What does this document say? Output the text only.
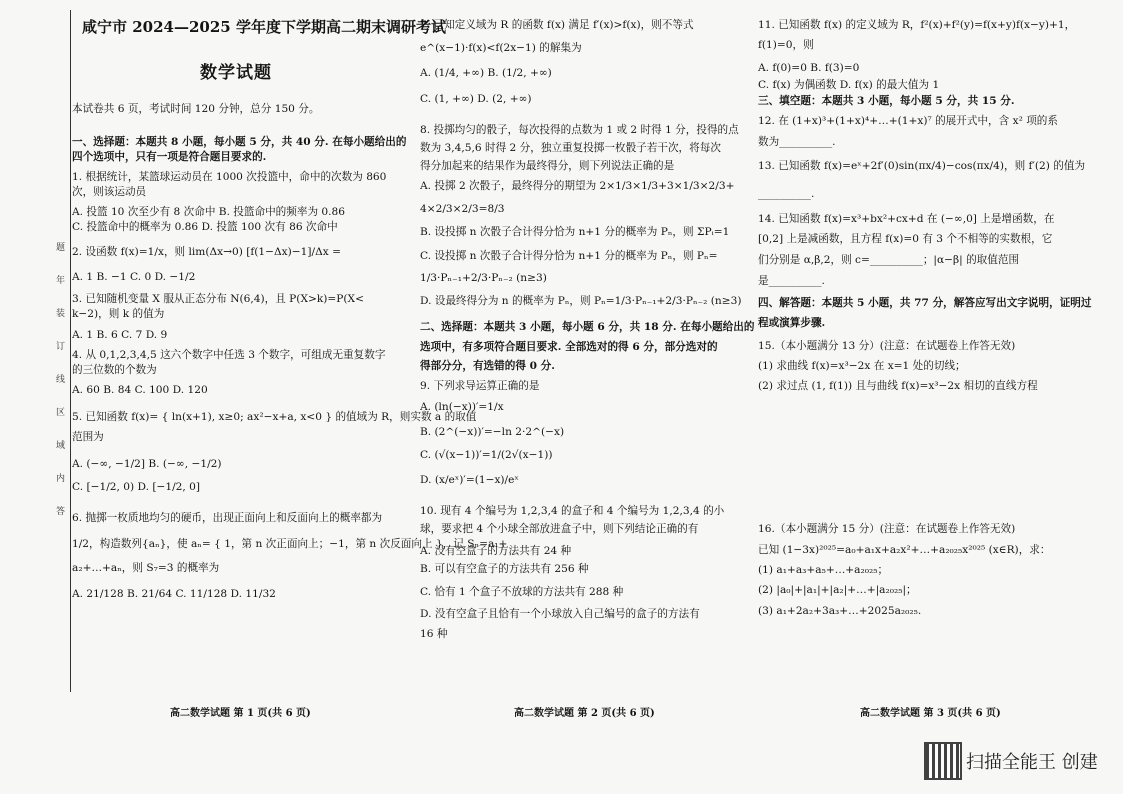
题
年
装
订
线
区
域
内
答
咸宁市 2024—2025 学年度下学期高二期末调研考试
数学试题
本试卷共 6 页，考试时间 120 分钟，总分 150 分。
一、选择题：本题共 8 小题，每小题 5 分，共 40 分. 在每小题给出的
四个选项中，只有一项是符合题目要求的.
1. 根据统计，某篮球运动员在 1000 次投篮中，命中的次数为 860
次，则该运动员
A. 投篮 10 次至少有 8 次命中 B. 投篮命中的频率为 0.86
C. 投篮命中的概率为 0.86 D. 投篮 100 次有 86 次命中
2. 设函数 f(x)=1/x，则 lim(Δx→0) [f(1−Δx)−1]/Δx =
A. 1 B. −1 C. 0 D. −1/2
3. 已知随机变量 X 服从正态分布 N(6,4)，且 P(X>k)=P(X<
k−2)，则 k 的值为
A. 1 B. 6 C. 7 D. 9
4. 从 0,1,2,3,4,5 这六个数字中任选 3 个数字，可组成无重复数字
的三位数的个数为
A. 60 B. 84 C. 100 D. 120
5. 已知函数 f(x)= { ln(x+1), x≥0; ax²−x+a, x<0 } 的值域为 R，则实数 a 的取值
范围为
A. (−∞, −1/2] B. (−∞, −1/2)
C. [−1/2, 0) D. [−1/2, 0]
6. 抛掷一枚质地均匀的硬币，出现正面向上和反面向上的概率都为
1/2，构造数列{aₙ}，使 aₙ= { 1，第 n 次正面向上；−1，第 n 次反面向上 }，记 Sₙ=a₁+
a₂+…+aₙ，则 S₇=3 的概率为
A. 21/128 B. 21/64 C. 11/128 D. 11/32
7. 已知定义域为 R 的函数 f(x) 满足 f′(x)>f(x)，则不等式
e^(x−1)·f(x)<f(2x−1) 的解集为
A. (1/4, +∞) B. (1/2, +∞)
C. (1, +∞) D. (2, +∞)
8. 投掷均匀的骰子，每次投得的点数为 1 或 2 时得 1 分，投得的点
数为 3,4,5,6 时得 2 分，独立重复投掷一枚骰子若干次，将每次
得分加起来的结果作为最终得分，则下列说法正确的是
A. 投掷 2 次骰子，最终得分的期望为 2×1/3×1/3+3×1/3×2/3+
4×2/3×2/3=8/3
B. 设投掷 n 次骰子合计得分恰为 n+1 分的概率为 Pₙ，则 ΣPᵢ=1
C. 设投掷 n 次骰子合计得分恰为 n+1 分的概率为 Pₙ，则 Pₙ=
1/3·Pₙ₋₁+2/3·Pₙ₋₂ (n≥3)
D. 设最终得分为 n 的概率为 Pₙ，则 Pₙ=1/3·Pₙ₋₁+2/3·Pₙ₋₂ (n≥3)
二、选择题：本题共 3 小题，每小题 6 分，共 18 分. 在每小题给出的
选项中，有多项符合题目要求. 全部选对的得 6 分，部分选对的
得部分分，有选错的得 0 分.
9. 下列求导运算正确的是
A. (ln(−x))′=1/x
B. (2^(−x))′=−ln 2·2^(−x)
C. (√(x−1))′=1/(2√(x−1))
D. (x/eˣ)′=(1−x)/eˣ
10. 现有 4 个编号为 1,2,3,4 的盒子和 4 个编号为 1,2,3,4 的小
球，要求把 4 个小球全部放进盒子中，则下列结论正确的有
A. 没有空盒子的方法共有 24 种
B. 可以有空盒子的方法共有 256 种
C. 恰有 1 个盒子不放球的方法共有 288 种
D. 没有空盒子且恰有一个小球放入自己编号的盒子的方法有
16 种
11. 已知函数 f(x) 的定义域为 R，f²(x)+f²(y)=f(x+y)f(x−y)+1，
f(1)=0，则
A. f(0)=0 B. f(3)=0
C. f(x) 为偶函数 D. f(x) 的最大值为 1
三、填空题：本题共 3 小题，每小题 5 分，共 15 分.
12. 在 (1+x)³+(1+x)⁴+…+(1+x)⁷ 的展开式中，含 x² 项的系
数为__________.
13. 已知函数 f(x)=eˣ+2f′(0)sin(πx/4)−cos(πx/4)，则 f′(2) 的值为
__________.
14. 已知函数 f(x)=x³+bx²+cx+d 在 (−∞,0] 上是增函数，在
[0,2] 上是减函数，且方程 f(x)=0 有 3 个不相等的实数根，它
们分别是 α,β,2，则 c=__________；|α−β| 的取值范围
是__________.
四、解答题：本题共 5 小题，共 77 分，解答应写出文字说明，证明过
程或演算步骤.
15.（本小题满分 13 分）(注意：在试题卷上作答无效)
(1) 求曲线 f(x)=x³−2x 在 x=1 处的切线；
(2) 求过点 (1, f(1)) 且与曲线 f(x)=x³−2x 相切的直线方程
16.（本小题满分 15 分）(注意：在试题卷上作答无效)
已知 (1−3x)²⁰²⁵=a₀+a₁x+a₂x²+…+a₂₀₂₅x²⁰²⁵ (x∈R)，求：
(1) a₁+a₃+a₅+…+a₂₀₂₅；
(2) |a₀|+|a₁|+|a₂|+…+|a₂₀₂₅|；
(3) a₁+2a₂+3a₃+…+2025a₂₀₂₅.
高二数学试题 第 1 页(共 6 页)	高二数学试题 第 2 页(共 6 页)	高二数学试题 第 3 页(共 6 页)
扫描全能王 创建
